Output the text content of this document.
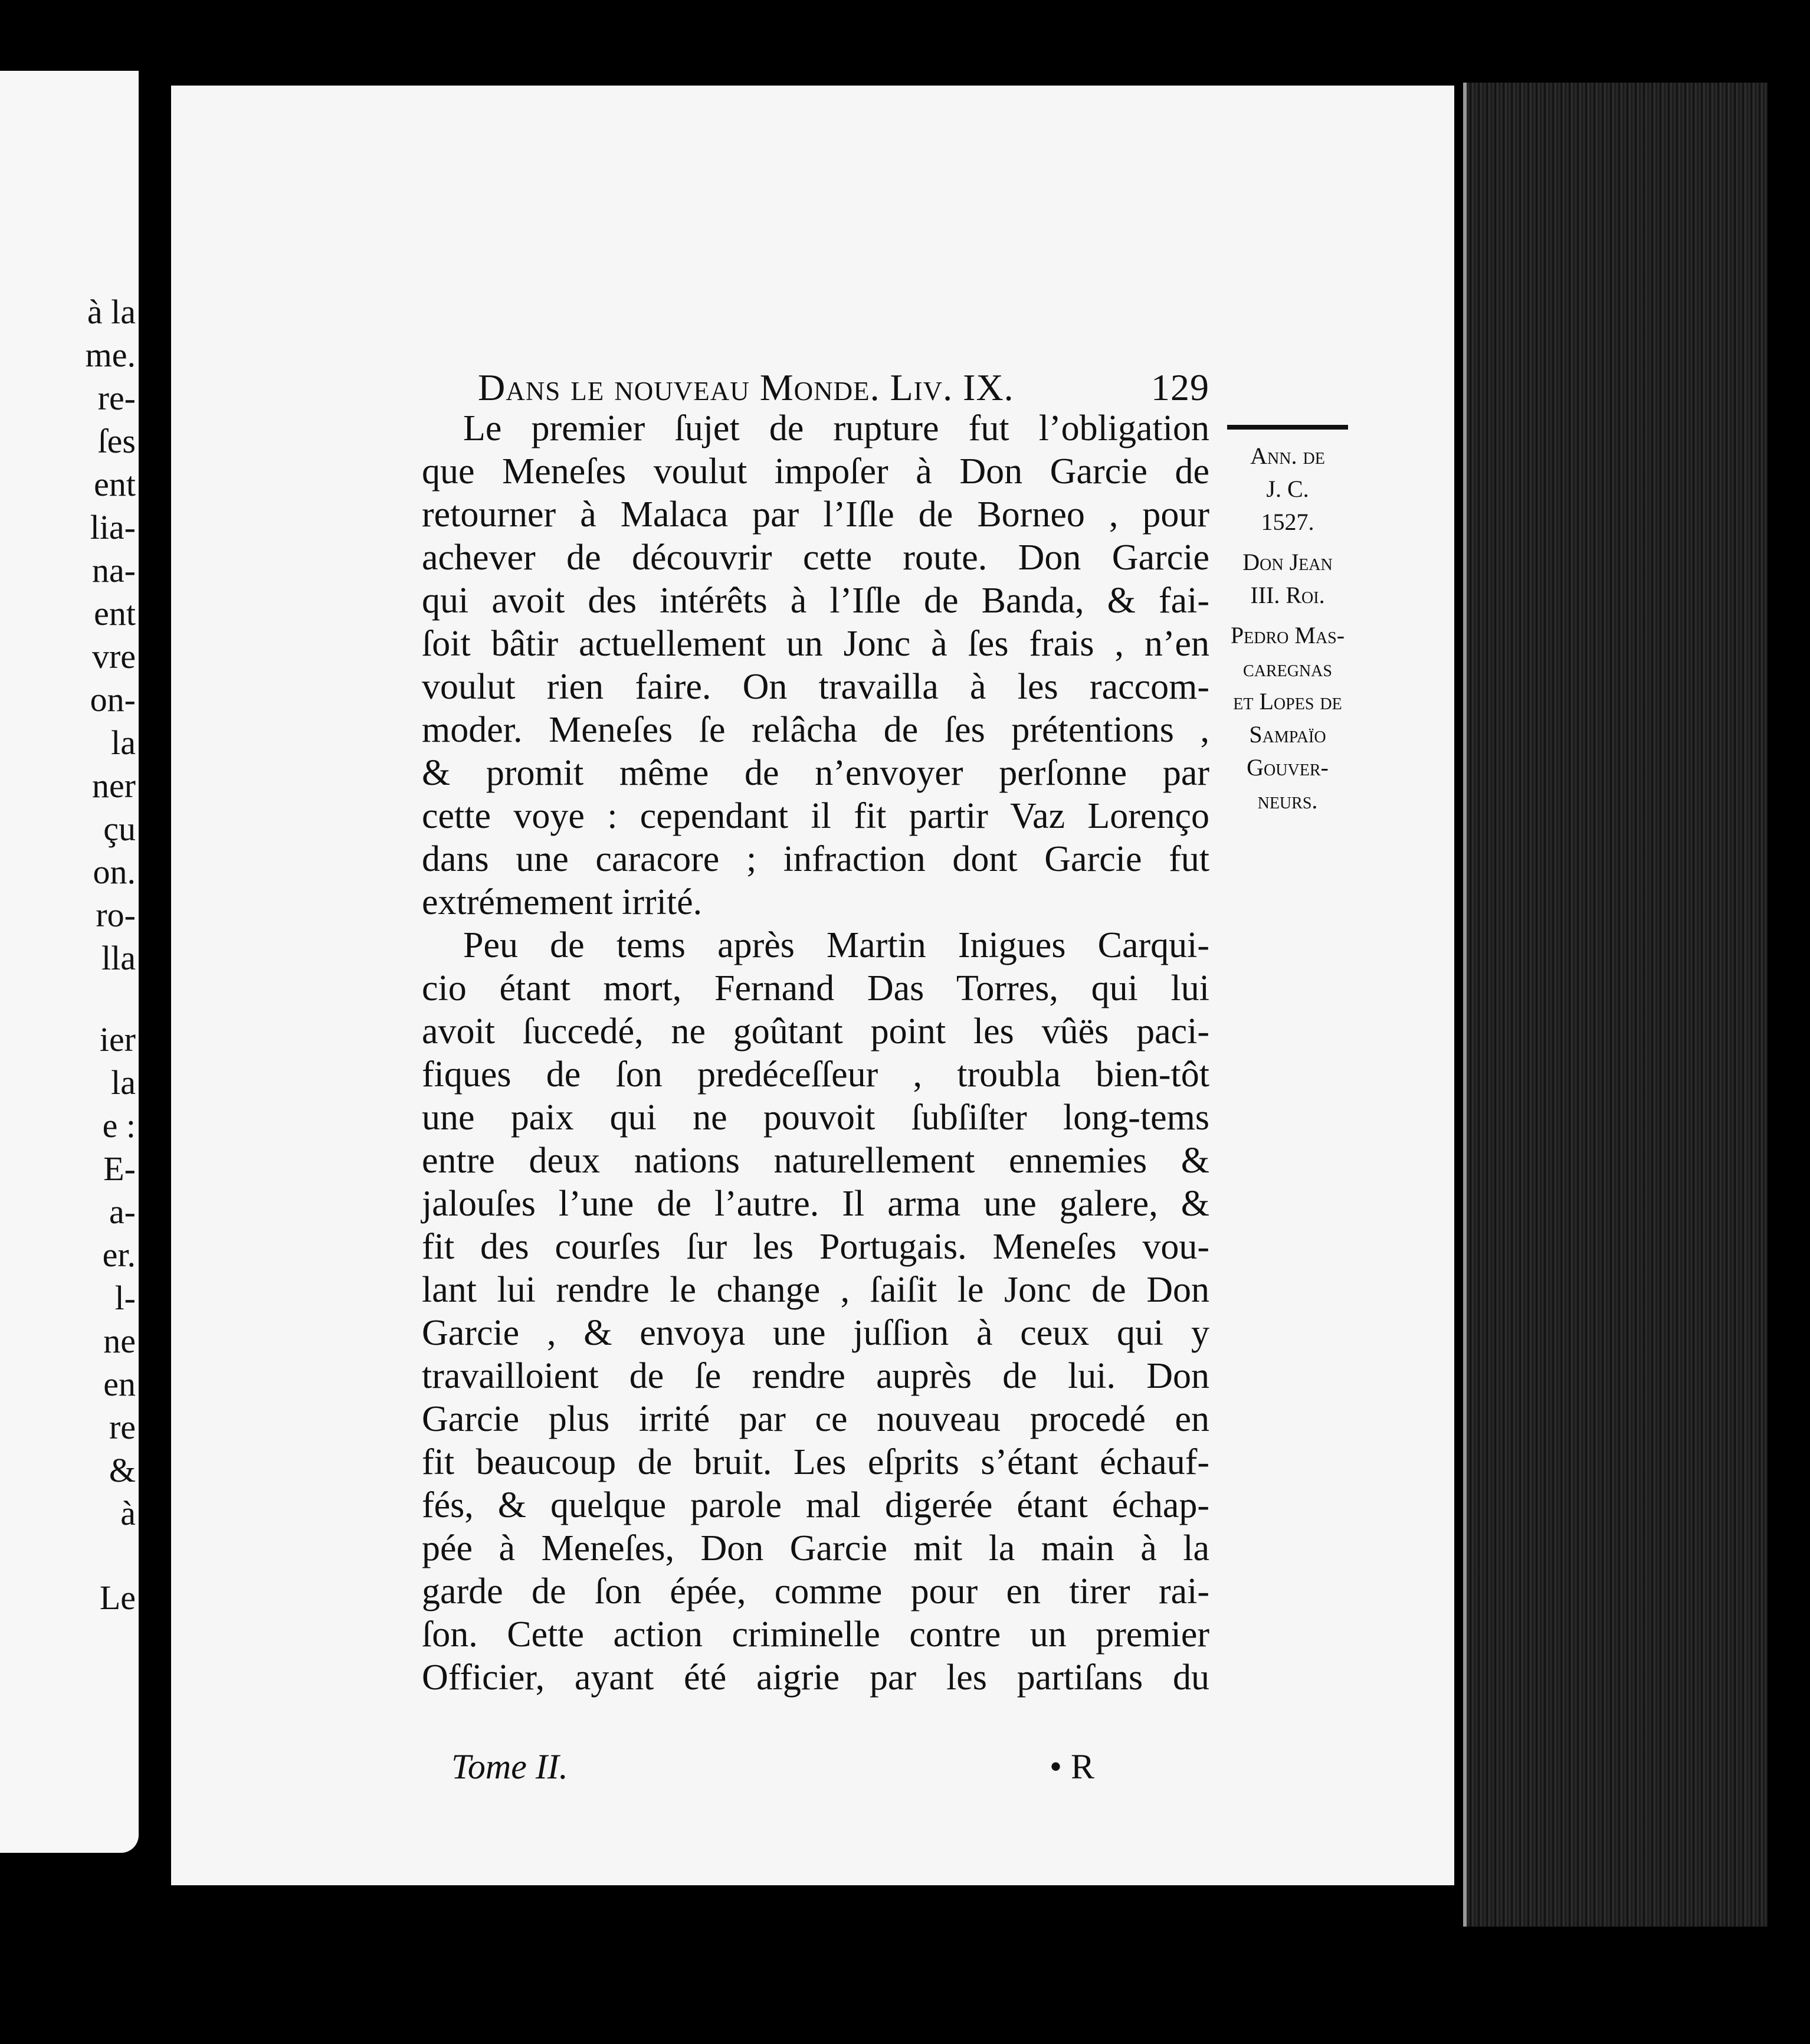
à la
me.
re-
ſes
ent
lia-
na-
ent
vre
on-
la
ner
çu
on.
ro-
lla
ier
la
e :
E-
a-
er.
l-
ne
en
re
&
à
Le
Dans le nouveau Monde. Liv. IX.	129
Ann. de
J. C.
1527.
Don Jean
III. Roi.
Pedro Mas-
caregnas
et Lopes de
Sampaïo
Gouver-
neurs.
Le premier ſujet de rupture fut l’obligation
que Meneſes voulut impoſer à Don Garcie de
retourner à Malaca par l’Iſle de Borneo , pour
achever de découvrir cette route. Don Garcie
qui avoit des intérêts à l’Iſle de Banda, & fai-
ſoit bâtir actuellement un Jonc à ſes frais , n’en
voulut rien faire. On travailla à les raccom-
moder. Meneſes ſe relâcha de ſes prétentions ,
& promit même de n’envoyer perſonne par
cette voye : cependant il fit partir Vaz Lorenço
dans une caracore ; infraction dont Garcie fut
extrémement irrité.
Peu de tems après Martin Inigues Carqui-
cio étant mort, Fernand Das Torres, qui lui
avoit ſuccedé, ne goûtant point les vûës paci-
fiques de ſon predéceſſeur , troubla bien-tôt
une paix qui ne pouvoit ſubſiſter long-tems
entre deux nations naturellement ennemies &
jalouſes l’une de l’autre. Il arma une galere, &
fit des courſes ſur les Portugais. Meneſes vou-
lant lui rendre le change , ſaiſit le Jonc de Don
Garcie , & envoya une juſſion à ceux qui y
travailloient de ſe rendre auprès de lui. Don
Garcie plus irrité par ce nouveau procedé en
fit beaucoup de bruit. Les eſprits s’étant échauf-
fés, & quelque parole mal digerée étant échap-
pée à Meneſes, Don Garcie mit la main à la
garde de ſon épée, comme pour en tirer rai-
ſon. Cette action criminelle contre un premier
Officier, ayant été aigrie par les partiſans du
Tome II.	• R
